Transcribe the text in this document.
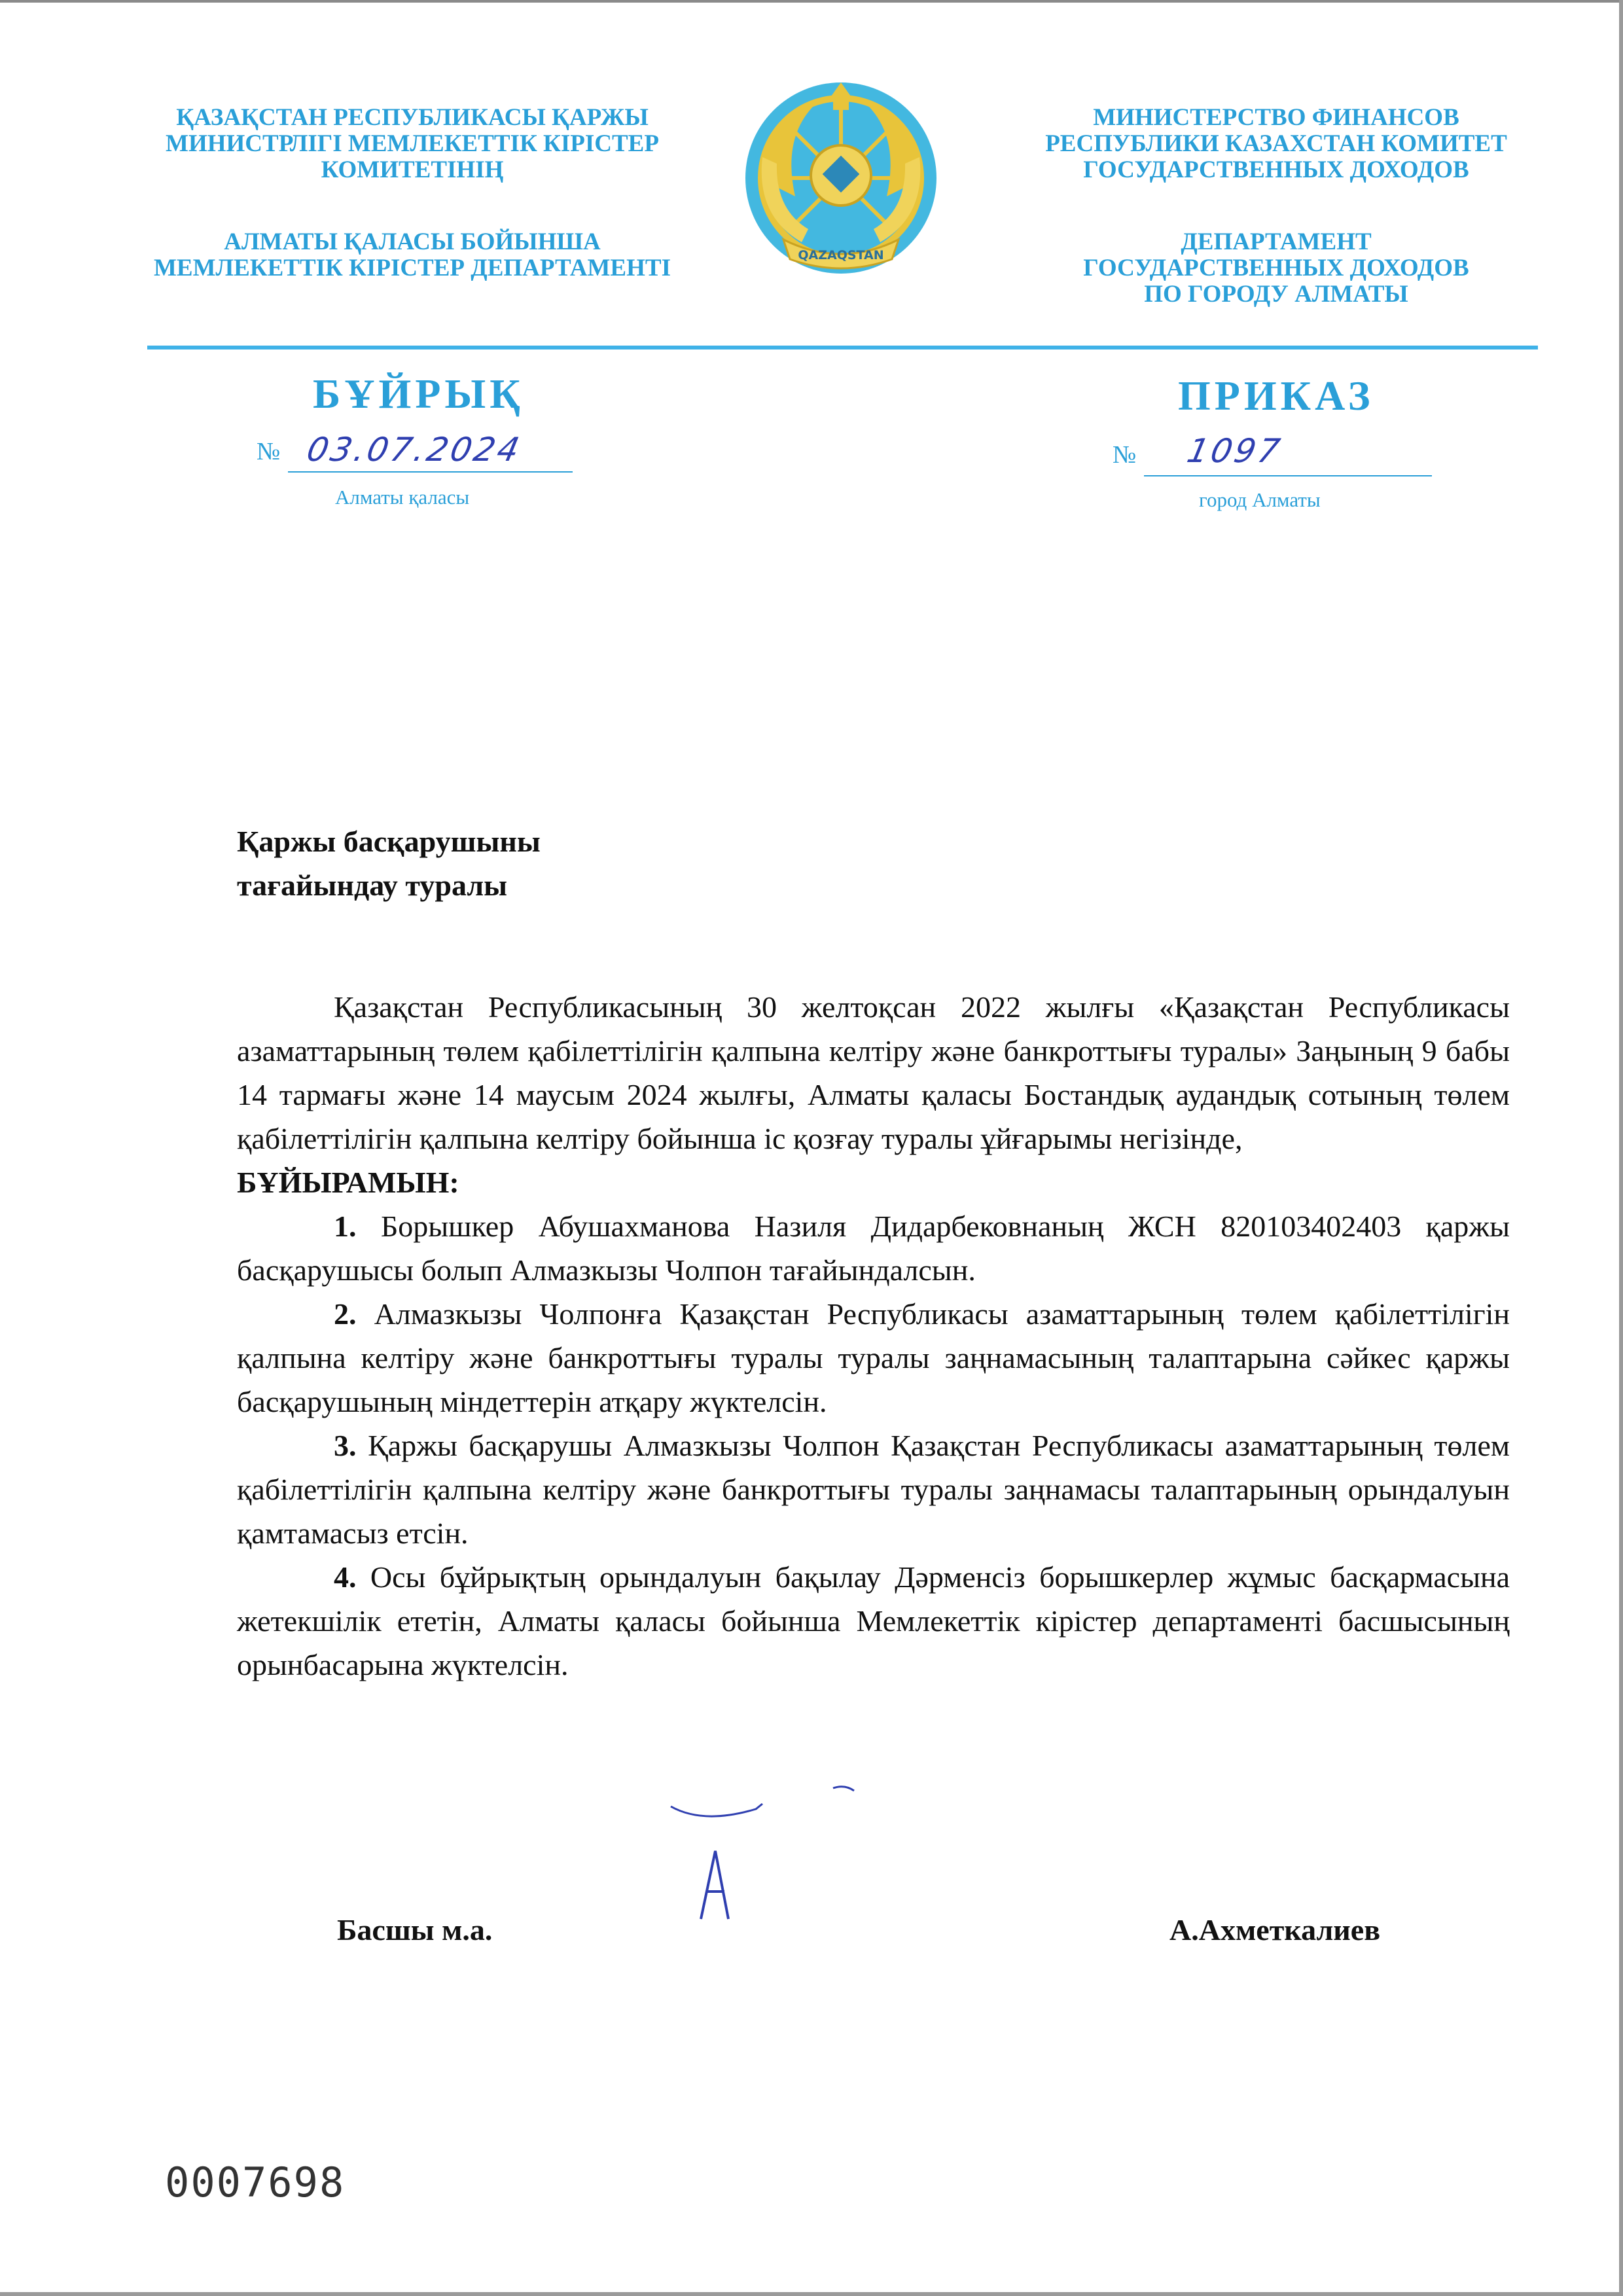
ҚАЗАҚСТАН РЕСПУБЛИКАСЫ ҚАРЖЫ
МИНИСТРЛІГІ МЕМЛЕКЕТТІК КІРІСТЕР
КОМИТЕТІНІҢ
АЛМАТЫ ҚАЛАСЫ БОЙЫНША
МЕМЛЕКЕТТІК КІРІСТЕР ДЕПАРТАМЕНТІ	QAZAQSTAN
МИНИСТЕРСТВО ФИНАНСОВ
РЕСПУБЛИКИ КАЗАХСТАН КОМИТЕТ
ГОСУДАРСТВЕННЫХ ДОХОДОВ
ДЕПАРТАМЕНТ
ГОСУДАРСТВЕННЫХ ДОХОДОВ
ПО ГОРОДУ АЛМАТЫ
БҰЙРЫҚ	ПРИКАЗ
№ 03.07.2024
Алматы қаласы
№ 1097
город Алматы
Қаржы басқарушыны
тағайындау туралы

Қазақстан Республикасының 30 желтоқсан 2022 жылғы «Қазақстан Республикасы азаматтарының төлем қабілеттілігін қалпына келтіру және банкроттығы туралы» Заңының 9 бабы 14 тармағы және 14 маусым 2024 жылғы, Алматы қаласы Бостандық аудандық сотының төлем қабілеттілігін қалпына келтіру бойынша іс қозғау туралы ұйғарымы негізінде,

БҰЙЫРАМЫН:

1. Борышкер Абушахманова Назиля Дидарбековнаның ЖСН 820103402403 қаржы басқарушысы болып Алмазкызы Чолпон тағайындалсын.

2. Алмазкызы Чолпонға Қазақстан Республикасы азаматтарының төлем қабілеттілігін қалпына келтіру және банкроттығы туралы туралы заңнамасының талаптарына сәйкес қаржы басқарушының міндеттерін атқару жүктелсін.

3. Қаржы басқарушы Алмазкызы Чолпон Қазақстан Республикасы азаматтарының төлем қабілеттілігін қалпына келтіру және банкроттығы туралы заңнамасы талаптарының орындалуын қамтамасыз етсін.

4. Осы бұйрықтың орындалуын бақылау Дәрменсіз борышкерлер жұмыс басқармасына жетекшілік ететін, Алматы қаласы бойынша Мемлекеттік кірістер департаменті басшысының орынбасарына жүктелсін.

Басшы м.а.	А.Ахметкалиев
0007698
